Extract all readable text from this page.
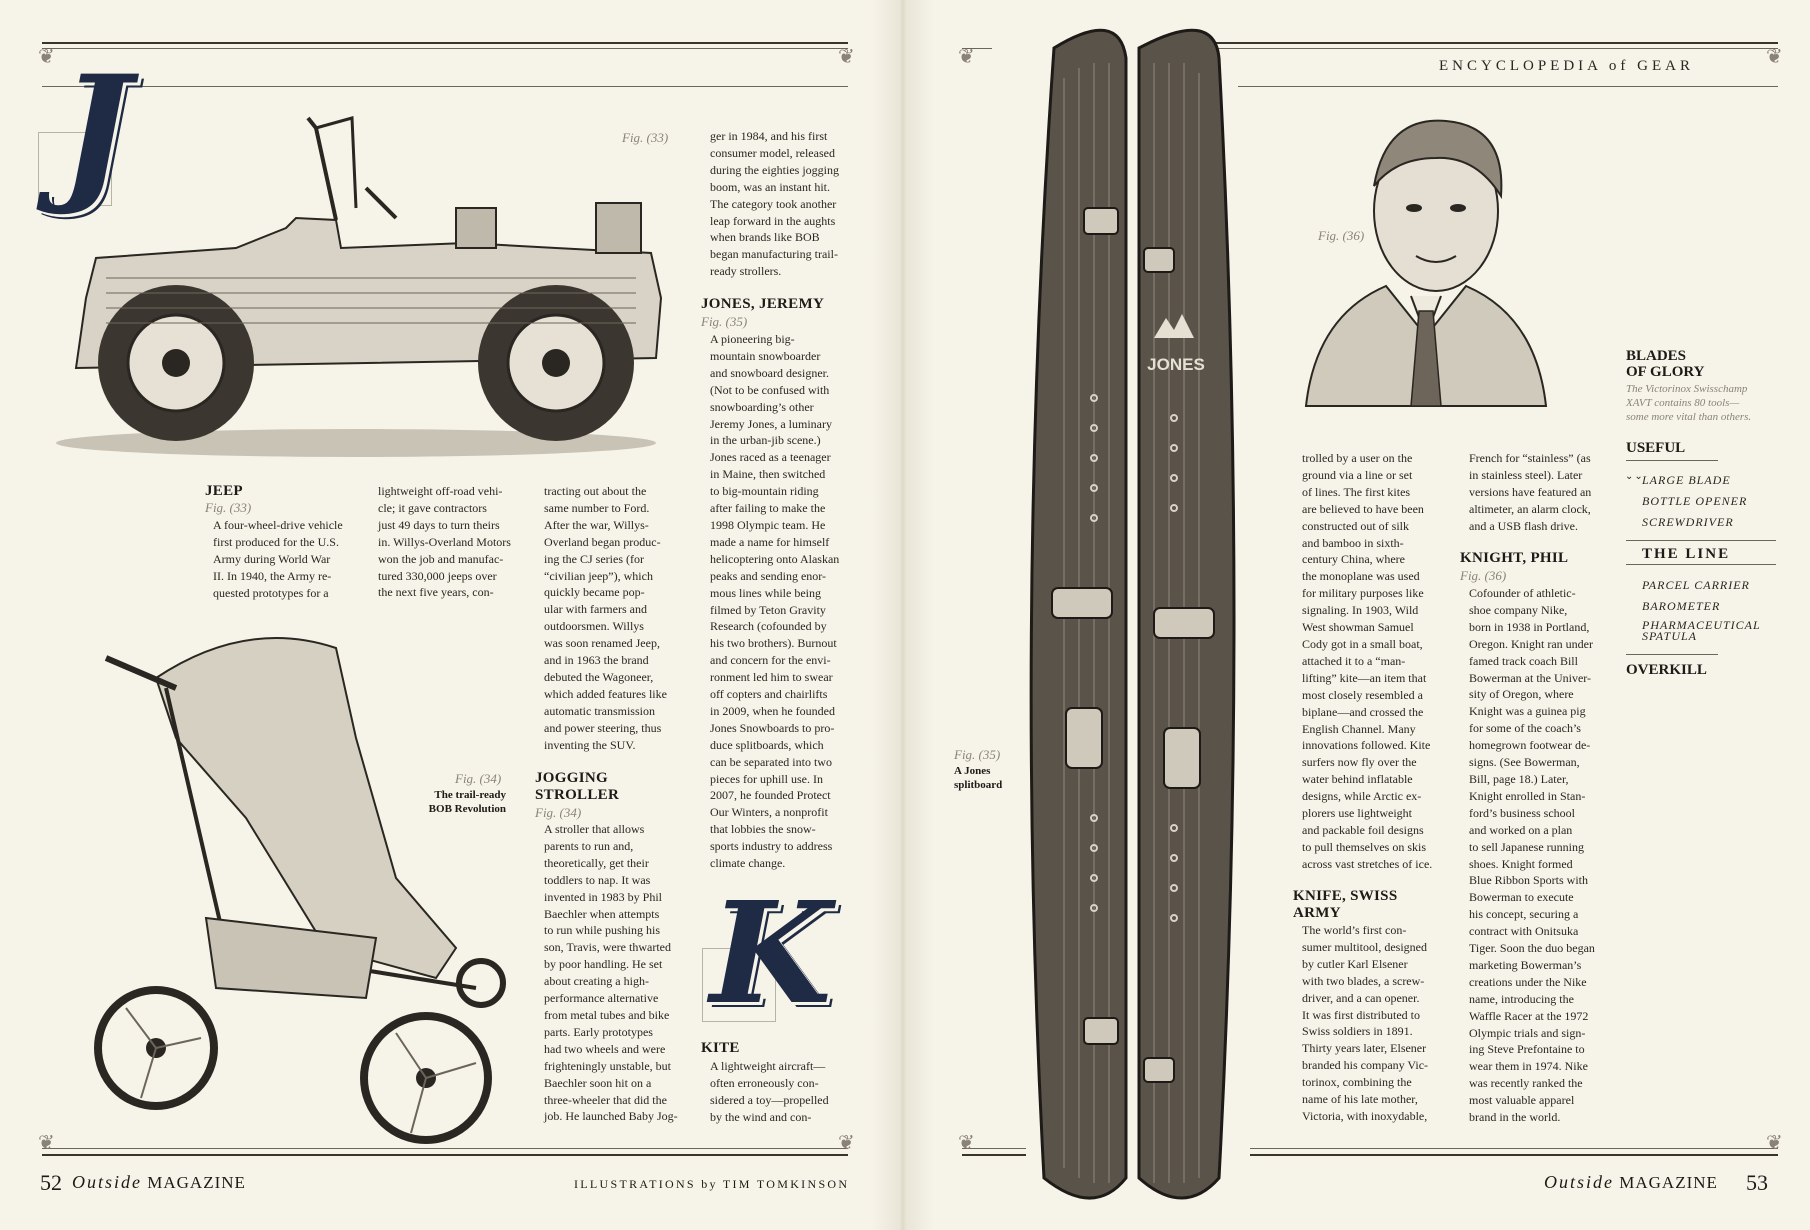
❦	❦
J	Fig. (33)
JEEP
Fig. (33)

A four-wheel-drive vehicle

first produced for the U.S.

Army during World War

II. In 1940, the Army re-

quested prototypes for a

lightweight off-road vehi-

cle; it gave contractors

just 49 days to turn theirs

in. Willys-Overland Motors

won the job and manufac-

tured 330,000 jeeps over

the next five years, con-

tracting out about the

same number to Ford.

After the war, Willys-

Overland began produc-

ing the CJ series (for

“civilian jeep”), which

quickly became pop-

ular with farmers and

outdoorsmen. Willys

was soon renamed Jeep,

and in 1963 the brand

debuted the Wagoneer,

which added features like

automatic transmission

and power steering, thus

inventing the SUV.

Fig. (34)
The trail-ready
BOB Revolution
JOGGING
STROLLER
Fig. (34)

A stroller that allows

parents to run and,

theoretically, get their

toddlers to nap. It was

invented in 1983 by Phil

Baechler when attempts

to run while pushing his

son, Travis, were thwarted

by poor handling. He set

about creating a high-

performance alternative

from metal tubes and bike

parts. Early prototypes

had two wheels and were

frighteningly unstable, but

Baechler soon hit on a

three-wheeler that did the

job. He launched Baby Jog-

ger in 1984, and his first

consumer model, released

during the eighties jogging

boom, was an instant hit.

The category took another

leap forward in the aughts

when brands like BOB

began manufacturing trail-

ready strollers.

JONES, JEREMY
Fig. (35)

A pioneering big-

mountain snowboarder

and snowboard designer.

(Not to be confused with

snowboarding’s other

Jeremy Jones, a luminary

in the urban-jib scene.)

Jones raced as a teenager

in Maine, then switched

to big-mountain riding

after failing to make the

1998 Olympic team. He

made a name for himself

helicoptering onto Alaskan

peaks and sending enor-

mous lines while being

filmed by Teton Gravity

Research (cofounded by

his two brothers). Burnout

and concern for the envi-

ronment led him to swear

off copters and chairlifts

in 2009, when he founded

Jones Snowboards to pro-

duce splitboards, which

can be separated into two

pieces for uphill use. In

2007, he founded Protect

Our Winters, a nonprofit

that lobbies the snow-

sports industry to address

climate change.

K
KITE

A lightweight aircraft—

often erroneously con-

sidered a toy—propelled

by the wind and con-

❦	❦
52 Outside MAGAZINE	ILLUSTRATIONS by TIM TOMKINSON
❦	❦
ENCYCLOPEDIA of GEAR
JONES
Fig. (35)
A Jones
splitboard
Fig. (36)

trolled by a user on the

ground via a line or set

of lines. The first kites

are believed to have been

constructed out of silk

and bamboo in sixth-

century China, where

the monoplane was used

for military purposes like

signaling. In 1903, Wild

West showman Samuel

Cody got in a small boat,

attached it to a “man-

lifting” kite—an item that

most closely resembled a

biplane—and crossed the

English Channel. Many

innovations followed. Kite

surfers now fly over the

water behind inflatable

designs, while Arctic ex-

plorers use lightweight

and packable foil designs

to pull themselves on skis

across vast stretches of ice.

KNIFE, SWISS
ARMY

The world’s first con-

sumer multitool, designed

by cutler Karl Elsener

with two blades, a screw-

driver, and a can opener.

It was first distributed to

Swiss soldiers in 1891.

Thirty years later, Elsener

branded his company Vic-

torinox, combining the

name of his late mother,

Victoria, with inoxydable,

French for “stainless” (as

in stainless steel). Later

versions have featured an

altimeter, an alarm clock,

and a USB flash drive.

KNIGHT, PHIL
Fig. (36)

Cofounder of athletic-

shoe company Nike,

born in 1938 in Portland,

Oregon. Knight ran under

famed track coach Bill

Bowerman at the Univer-

sity of Oregon, where

Knight was a guinea pig

for some of the coach’s

homegrown footwear de-

signs. (See Bowerman,

Bill, page 18.) Later,

Knight enrolled in Stan-

ford’s business school

and worked on a plan

to sell Japanese running

shoes. Knight formed

Blue Ribbon Sports with

Bowerman to execute

his concept, securing a

contract with Onitsuka

Tiger. Soon the duo began

marketing Bowerman’s

creations under the Nike

name, introducing the

Waffle Racer at the 1972

Olympic trials and sign-

ing Steve Prefontaine to

wear them in 1974. Nike

was recently ranked the

most valuable apparel

brand in the world.

BLADES
OF GLORY
The Victorinox Swisschamp
XAVT contains 80 tools—
some more vital than others.
USEFUL
⌄⌄
LARGE BLADE
BOTTLE OPENER
SCREWDRIVER
THE LINE
PARCEL CARRIER
BAROMETER
PHARMACEUTICAL
SPATULA
OVERKILL
❦	❦
Outside MAGAZINE 53
